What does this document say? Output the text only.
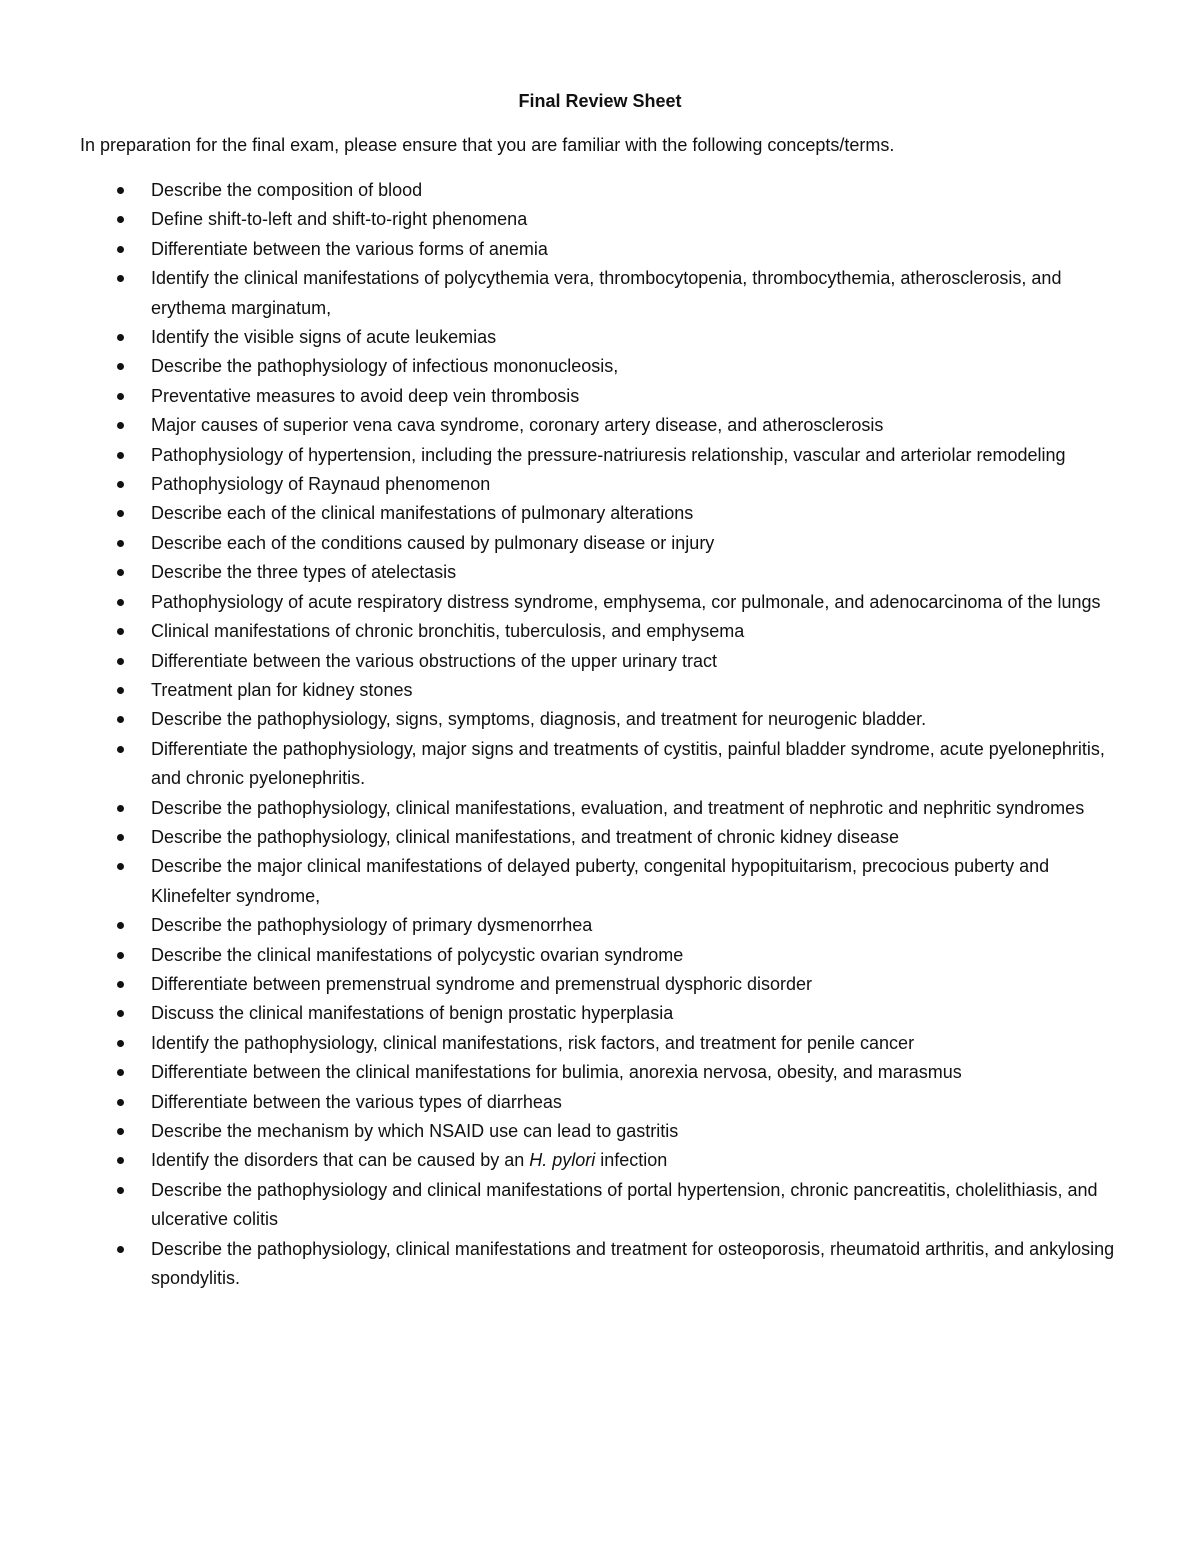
Final Review Sheet

In preparation for the final exam, please ensure that you are familiar with the following concepts/terms.

Describe the composition of blood
Define shift-to-left and shift-to-right phenomena
Differentiate between the various forms of anemia
Identify the clinical manifestations of polycythemia vera, thrombocytopenia, thrombocythemia, atherosclerosis, and erythema marginatum,
Identify the visible signs of acute leukemias
Describe the pathophysiology of infectious mononucleosis,
Preventative measures to avoid deep vein thrombosis
Major causes of superior vena cava syndrome, coronary artery disease, and atherosclerosis
Pathophysiology of hypertension, including the pressure-natriuresis relationship, vascular and arteriolar remodeling
Pathophysiology of Raynaud phenomenon
Describe each of the clinical manifestations of pulmonary alterations
Describe each of the conditions caused by pulmonary disease or injury
Describe the three types of atelectasis
Pathophysiology of acute respiratory distress syndrome, emphysema, cor pulmonale, and adenocarcinoma of the lungs
Clinical manifestations of chronic bronchitis, tuberculosis, and emphysema
Differentiate between the various obstructions of the upper urinary tract
Treatment plan for kidney stones
Describe the pathophysiology, signs, symptoms, diagnosis, and treatment for neurogenic bladder.
Differentiate the pathophysiology, major signs and treatments of cystitis, painful bladder syndrome, acute pyelonephritis, and chronic pyelonephritis.
Describe the pathophysiology, clinical manifestations, evaluation, and treatment of nephrotic and nephritic syndromes
Describe the pathophysiology, clinical manifestations, and treatment of chronic kidney disease
Describe the major clinical manifestations of delayed puberty, congenital hypopituitarism, precocious puberty and Klinefelter syndrome,
Describe the pathophysiology of primary dysmenorrhea
Describe the clinical manifestations of polycystic ovarian syndrome
Differentiate between premenstrual syndrome and premenstrual dysphoric disorder
Discuss the clinical manifestations of benign prostatic hyperplasia
Identify the pathophysiology, clinical manifestations, risk factors, and treatment for penile cancer
Differentiate between the clinical manifestations for bulimia, anorexia nervosa, obesity, and marasmus
Differentiate between the various types of diarrheas
Describe the mechanism by which NSAID use can lead to gastritis
Identify the disorders that can be caused by an H. pylori infection
Describe the pathophysiology and clinical manifestations of portal hypertension, chronic pancreatitis, cholelithiasis, and ulcerative colitis
Describe the pathophysiology, clinical manifestations and treatment for osteoporosis, rheumatoid arthritis, and ankylosing spondylitis.
